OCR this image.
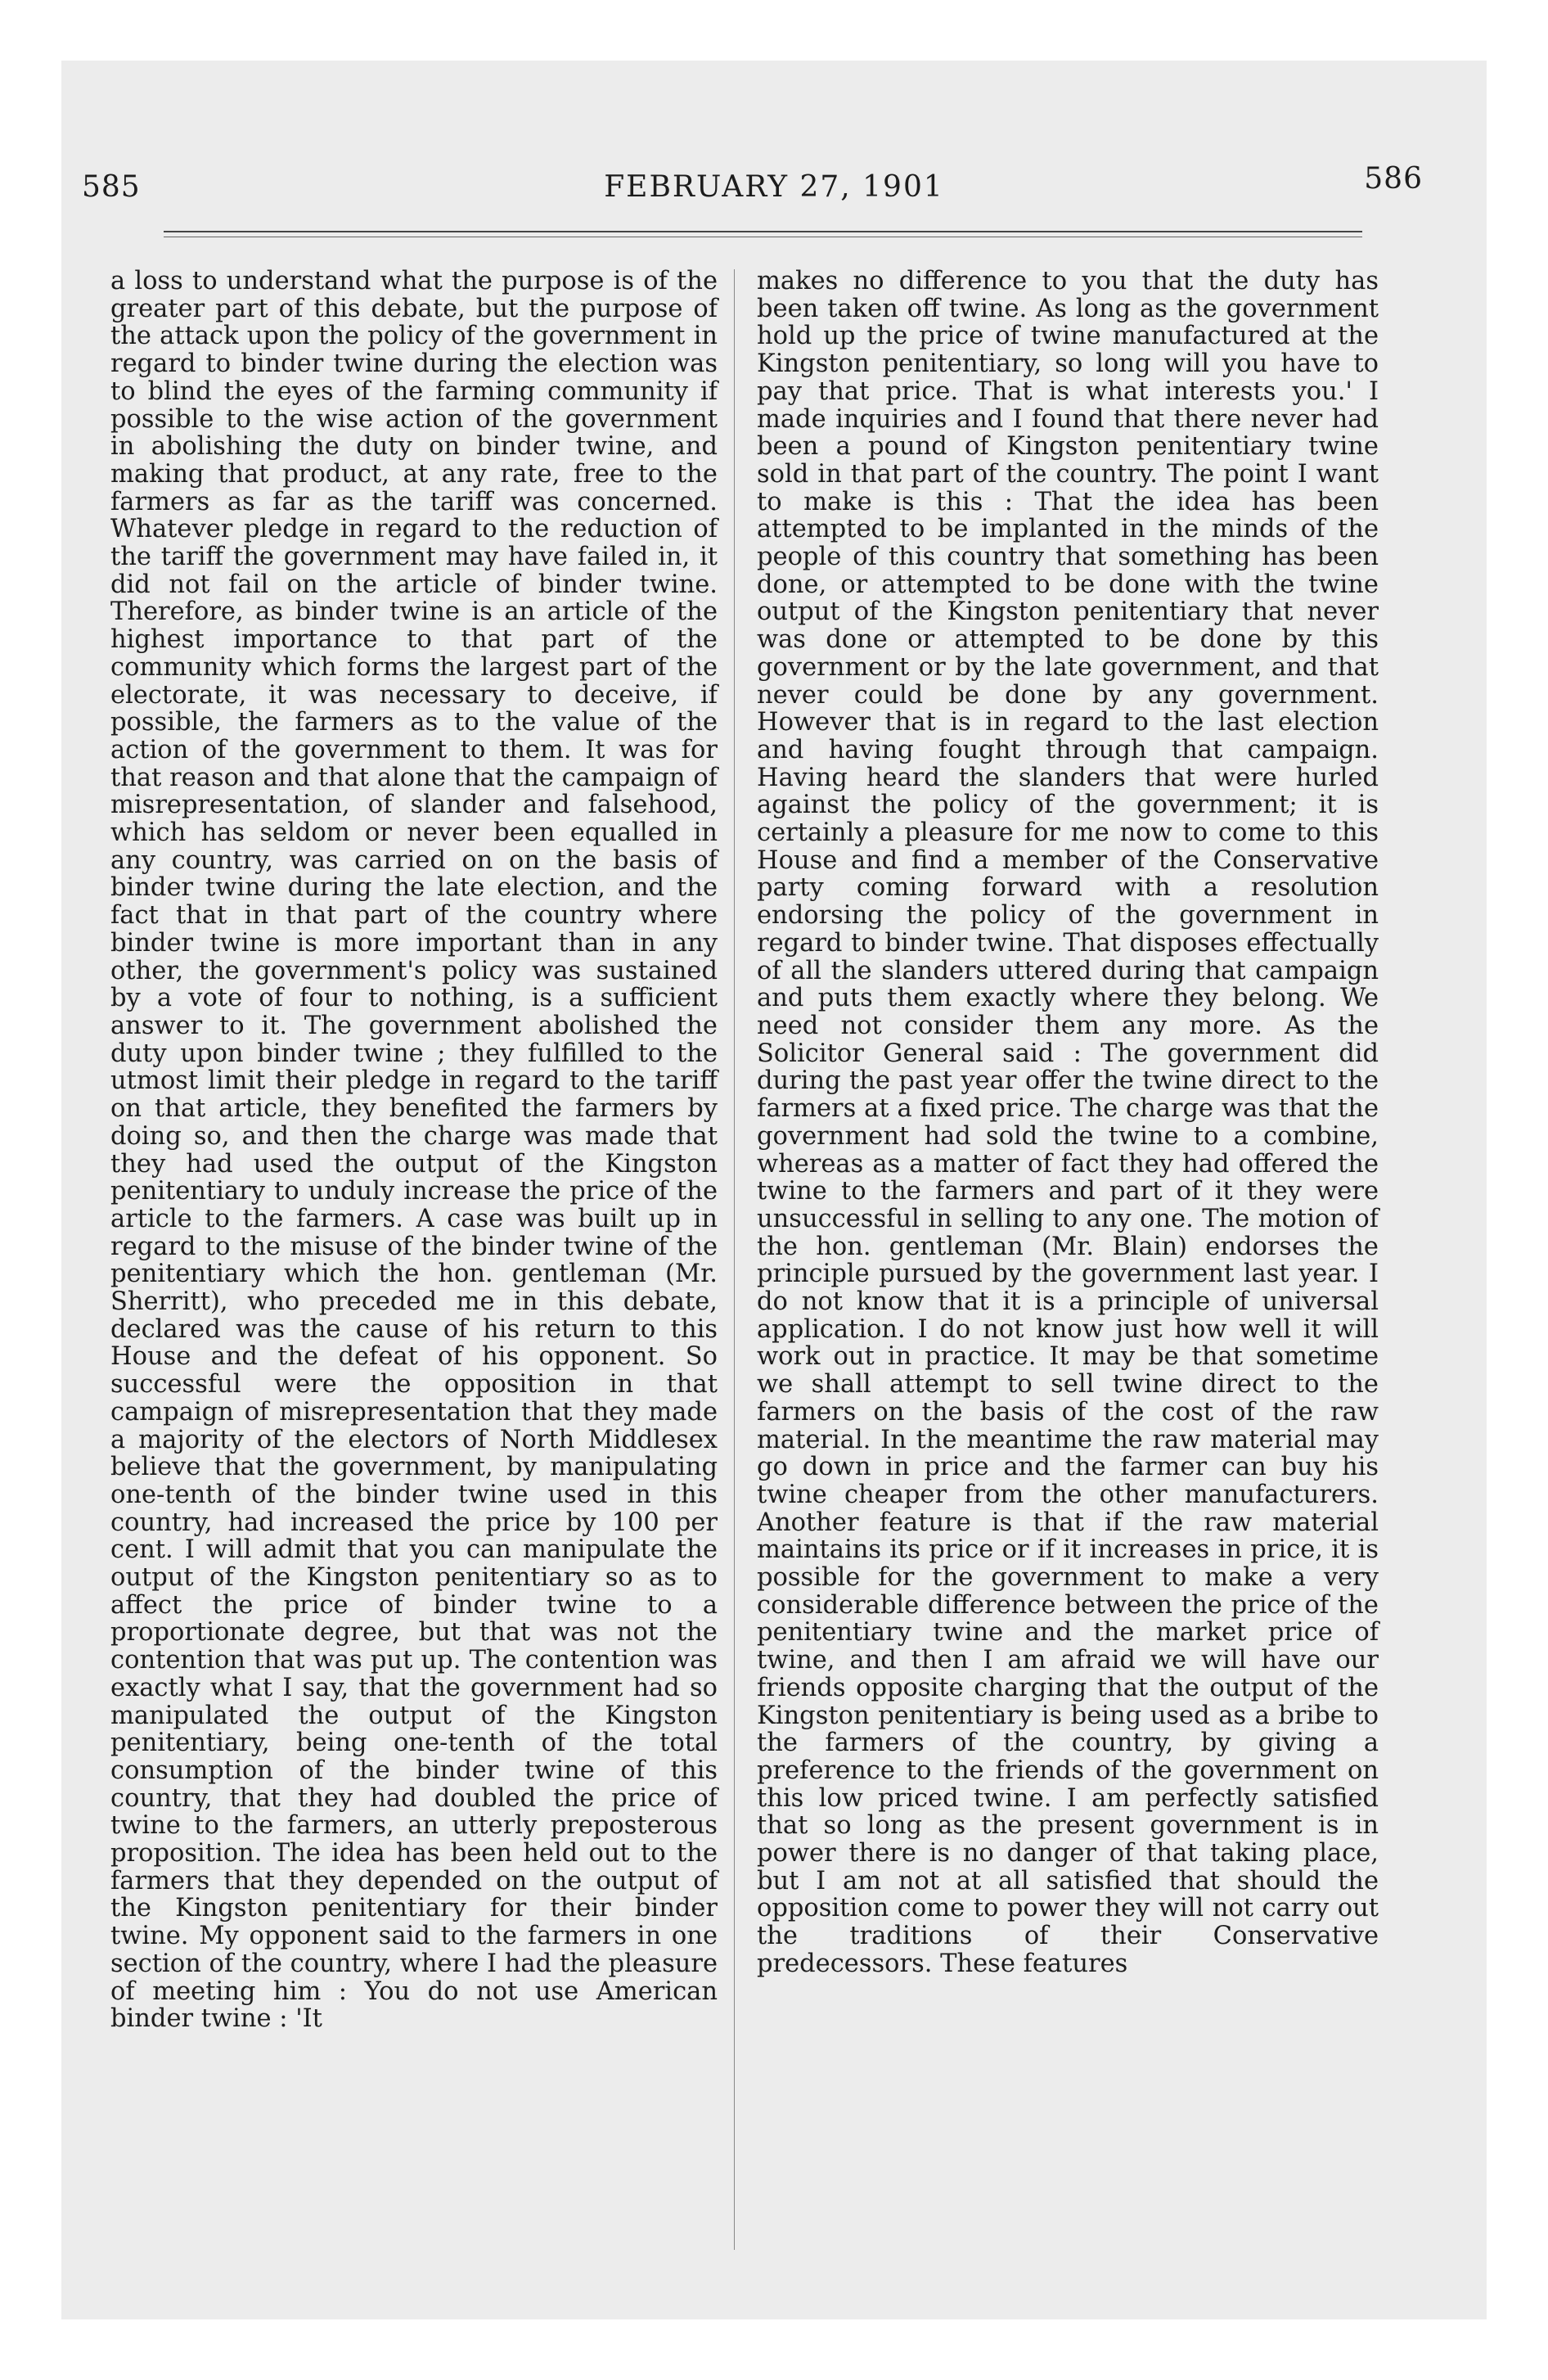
585	FEBRUARY 27, 1901	586

a loss to understand what the purpose is of the greater part of this debate, but the purpose of the attack upon the policy of the government in regard to binder twine during the election was to blind the eyes of the farming community if possible to the wise action of the government in abolishing the duty on binder twine, and making that product, at any rate, free to the farmers as far as the tariff was concerned. Whatever pledge in regard to the reduction of the tariff the government may have failed in, it did not fail on the article of binder twine. Therefore, as binder twine is an article of the highest importance to that part of the community which forms the largest part of the electorate, it was necessary to deceive, if possible, the farmers as to the value of the action of the government to them. It was for that reason and that alone that the campaign of misrepresentation, of slander and falsehood, which has seldom or never been equalled in any country, was carried on on the basis of binder twine during the late election, and the fact that in that part of the country where binder twine is more important than in any other, the government's policy was sustained by a vote of four to nothing, is a sufficient answer to it. The government abolished the duty upon binder twine ; they fulfilled to the utmost limit their pledge in regard to the tariff on that article, they benefited the farmers by doing so, and then the charge was made that they had used the output of the Kingston penitentiary to unduly increase the price of the article to the farmers. A case was built up in regard to the misuse of the binder twine of the penitentiary which the hon. gentleman (Mr. Sherritt), who preceded me in this debate, declared was the cause of his return to this House and the defeat of his opponent. So successful were the opposition in that campaign of misrepresentation that they made a majority of the electors of North Middlesex believe that the government, by manipulating one-tenth of the binder twine used in this country, had increased the price by 100 per cent. I will admit that you can manipulate the output of the Kingston penitentiary so as to affect the price of binder twine to a proportionate degree, but that was not the contention that was put up. The contention was exactly what I say, that the government had so manipulated the output of the Kingston penitentiary, being one-tenth of the total consumption of the binder twine of this country, that they had doubled the price of twine to the farmers, an utterly preposterous proposition. The idea has been held out to the farmers that they depended on the output of the Kingston penitentiary for their binder twine. My opponent said to the farmers in one section of the country, where I had the pleasure of meeting him : You do not use American binder twine : 'It

makes no difference to you that the duty has been taken off twine. As long as the government hold up the price of twine manufactured at the Kingston penitentiary, so long will you have to pay that price. That is what interests you.' I made inquiries and I found that there never had been a pound of Kingston penitentiary twine sold in that part of the country. The point I want to make is this : That the idea has been attempted to be implanted in the minds of the people of this country that something has been done, or attempted to be done with the twine output of the Kingston penitentiary that never was done or attempted to be done by this government or by the late government, and that never could be done by any government. However that is in regard to the last election and having fought through that campaign. Having heard the slanders that were hurled against the policy of the government; it is certainly a pleasure for me now to come to this House and find a member of the Conservative party coming forward with a resolution endorsing the policy of the government in regard to binder twine. That disposes effectually of all the slanders uttered during that campaign and puts them exactly where they belong. We need not consider them any more. As the Solicitor General said : The government did during the past year offer the twine direct to the farmers at a fixed price. The charge was that the government had sold the twine to a combine, whereas as a matter of fact they had offered the twine to the farmers and part of it they were unsuccessful in selling to any one. The motion of the hon. gentleman (Mr. Blain) endorses the principle pursued by the government last year. I do not know that it is a principle of universal application. I do not know just how well it will work out in practice. It may be that sometime we shall attempt to sell twine direct to the farmers on the basis of the cost of the raw material. In the meantime the raw material may go down in price and the farmer can buy his twine cheaper from the other manufacturers. Another feature is that if the raw material maintains its price or if it increases in price, it is possible for the government to make a very considerable difference between the price of the penitentiary twine and the market price of twine, and then I am afraid we will have our friends opposite charging that the output of the Kingston penitentiary is being used as a bribe to the farmers of the country, by giving a preference to the friends of the government on this low priced twine. I am perfectly satisfied that so long as the present government is in power there is no danger of that taking place, but I am not at all satisfied that should the opposition come to power they will not carry out the traditions of their Conservative predecessors. These features
